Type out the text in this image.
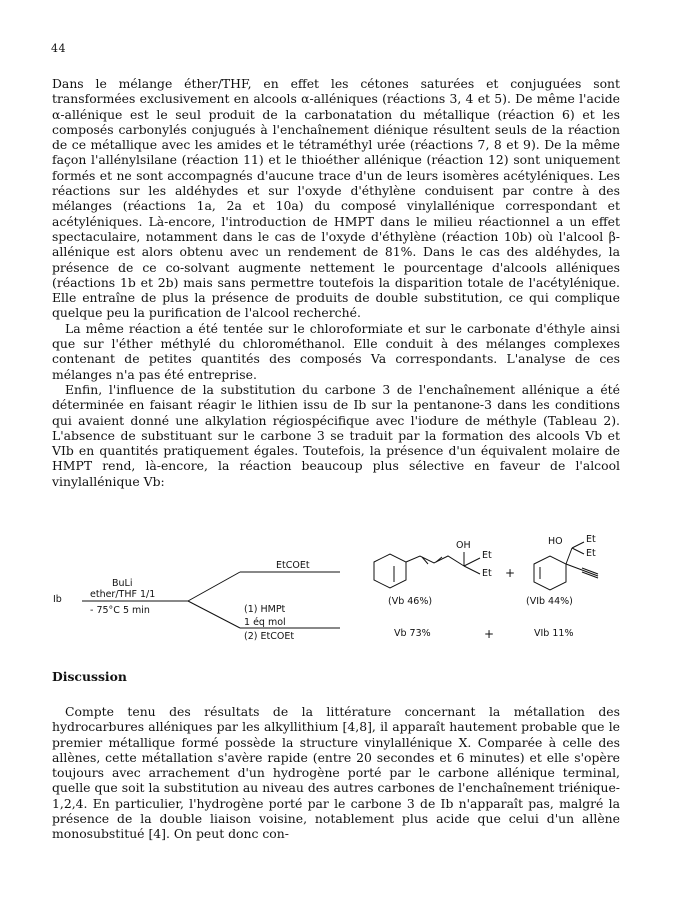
44

Dans le mélange éther/THF, en effet les cétones saturées et conjuguées sont transformées exclusivement en alcools α-alléniques (réactions 3, 4 et 5). De même l'acide α-allénique est le seul produit de la carbonatation du métallique (réaction 6) et les composés carbonylés conjugués à l'enchaînement diénique résultent seuls de la réaction de ce métallique avec les amides et le tétraméthyl urée (réactions 7, 8 et 9). De la même façon l'allénylsilane (réaction 11) et le thioéther allénique (réaction 12) sont uniquement formés et ne sont accompagnés d'aucune trace d'un de leurs isomères acétyléniques. Les réactions sur les aldéhydes et sur l'oxyde d'éthylène conduisent par contre à des mélanges (réactions 1a, 2a et 10a) du composé vinylallénique correspondant et acétyléniques. Là-encore, l'introduction de HMPT dans le milieu réactionnel a un effet spectaculaire, notamment dans le cas de l'oxyde d'éthylène (réaction 10b) où l'alcool β-allénique est alors obtenu avec un rendement de 81%. Dans le cas des aldéhydes, la présence de ce co-solvant augmente nettement le pourcentage d'alcools alléniques (réactions 1b et 2b) mais sans permettre toutefois la disparition totale de l'acétylénique. Elle entraîne de plus la présence de produits de double substitution, ce qui complique quelque peu la purification de l'alcool recherché.

La même réaction a été tentée sur le chloroformiate et sur le carbonate d'éthyle ainsi que sur l'éther méthylé du chlorométhanol. Elle conduit à des mélanges complexes contenant de petites quantités des composés Va correspondants. L'analyse de ces mélanges n'a pas été entreprise.

Enfin, l'influence de la substitution du carbone 3 de l'enchaînement allénique a été déterminée en faisant réagir le lithien issu de Ib sur la pentanone-3 dans les conditions qui avaient donné une alkylation régiospécifique avec l'iodure de méthyle (Tableau 2). L'absence de substituant sur le carbone 3 se traduit par la formation des alcools Vb et VIb en quantités pratiquement égales. Toutefois, la présence d'un équivalent molaire de HMPT rend, là-encore, la réaction beaucoup plus sélective en faveur de l'alcool vinylallénique Vb:

Ib
BuLi
ether/THF 1/1
- 75°C 5 min
EtCOEt
(1) HMPt
1 éq mol
(2) EtCOEt
OH
Et
Et
HO Et
Et
+
(Vb 46%)	(VIb 44%)
Vb 73%	+	VIb 11%
Discussion

Compte tenu des résultats de la littérature concernant la métallation des hydrocarbures alléniques par les alkyllithium [4,8], il apparaît hautement probable que le premier métallique formé possède la structure vinylallénique X. Comparée à celle des allènes, cette métallation s'avère rapide (entre 20 secondes et 6 minutes) et elle s'opère toujours avec arrachement d'un hydrogène porté par le carbone allénique terminal, quelle que soit la substitution au niveau des autres carbones de l'enchaînement triénique-1,2,4. En particulier, l'hydrogène porté par le carbone 3 de Ib n'apparaît pas, malgré la présence de la double liaison voisine, notablement plus acide que celui d'un allène monosubstitué [4]. On peut donc con-
